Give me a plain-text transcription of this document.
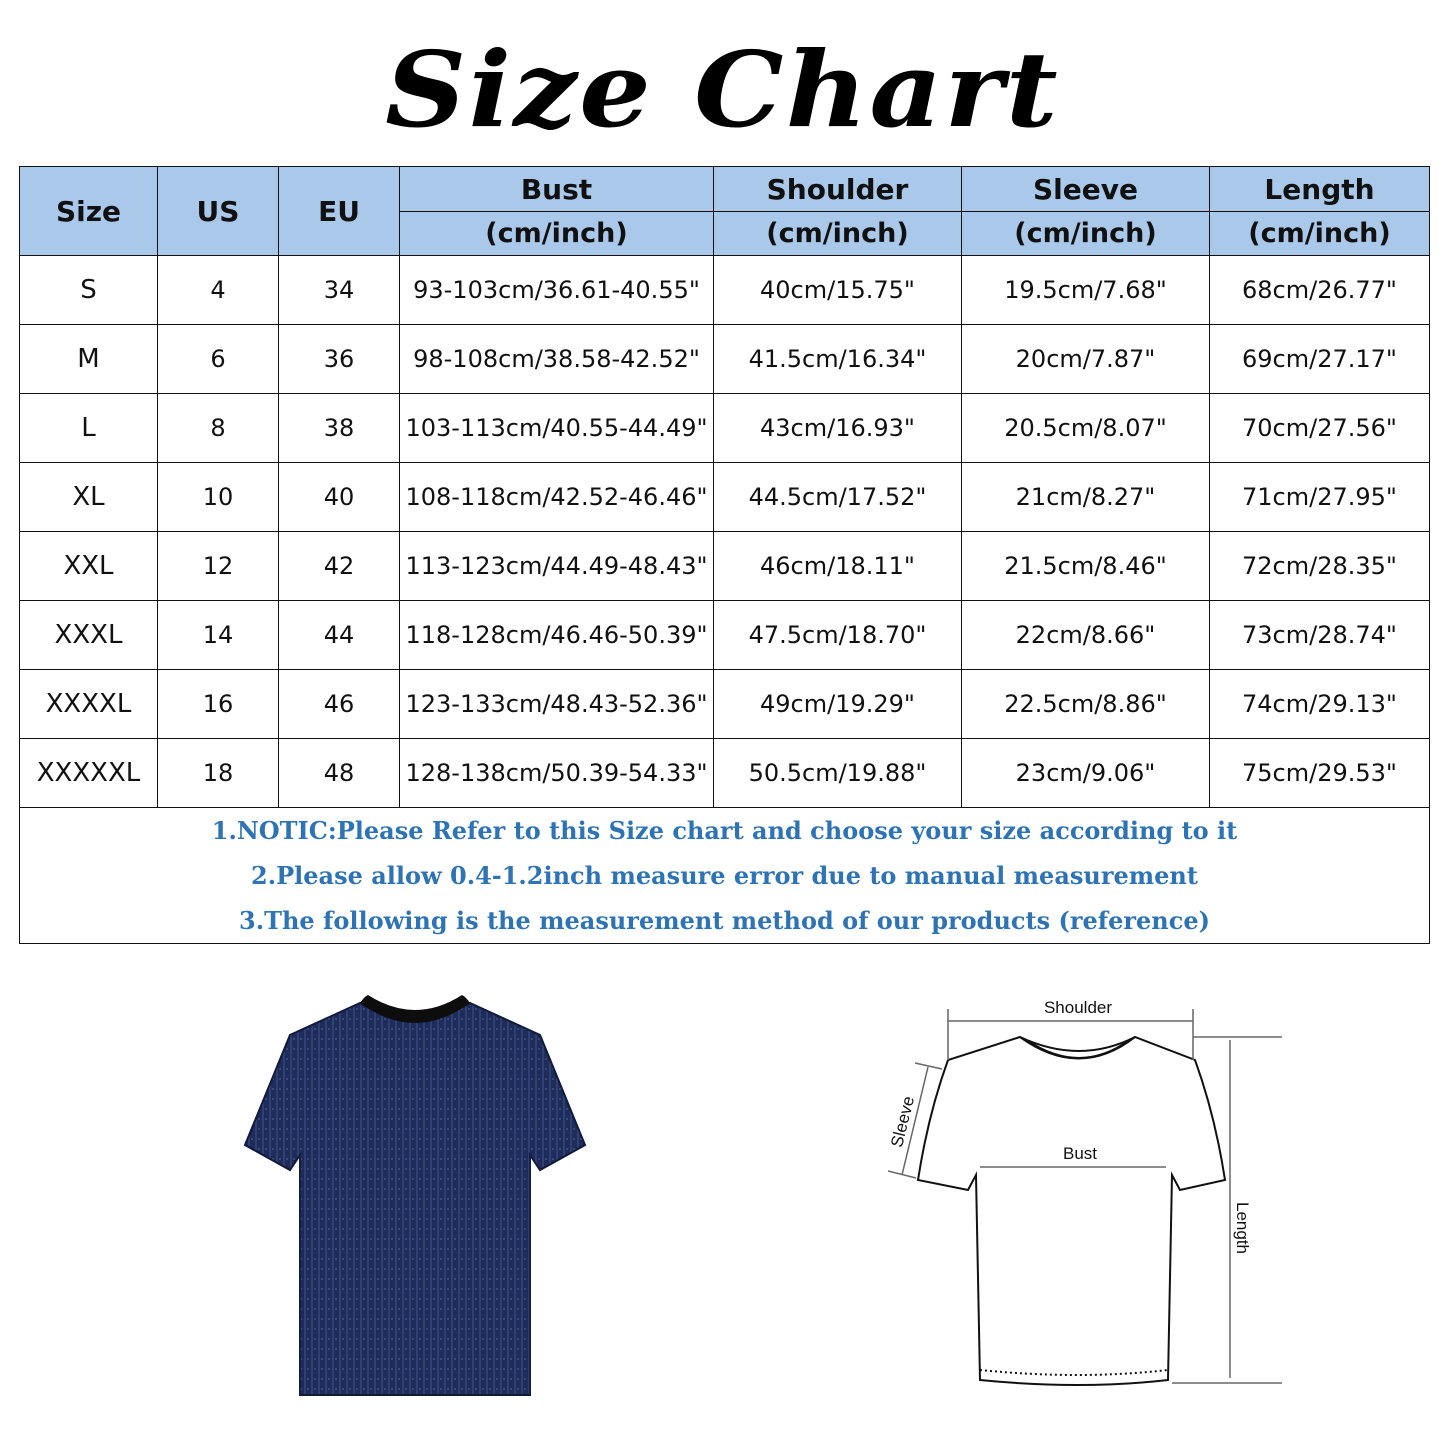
Size Chart
Size	US	EU	Bust	Shoulder	Sleeve	Length
			(cm/inch)	(cm/inch)	(cm/inch)	(cm/inch)
S	4	34	93-103cm/36.61-40.55"	40cm/15.75"	19.5cm/7.68"	68cm/26.77"
M	6	36	98-108cm/38.58-42.52"	41.5cm/16.34"	20cm/7.87"	69cm/27.17"
L	8	38	103-113cm/40.55-44.49"	43cm/16.93"	20.5cm/8.07"	70cm/27.56"
XL	10	40	108-118cm/42.52-46.46"	44.5cm/17.52"	21cm/8.27"	71cm/27.95"
XXL	12	42	113-123cm/44.49-48.43"	46cm/18.11"	21.5cm/8.46"	72cm/28.35"
XXXL	14	44	118-128cm/46.46-50.39"	47.5cm/18.70"	22cm/8.66"	73cm/28.74"
XXXXL	16	46	123-133cm/48.43-52.36"	49cm/19.29"	22.5cm/8.86"	74cm/29.13"
XXXXXL	18	48	128-138cm/50.39-54.33"	50.5cm/19.88"	23cm/9.06"	75cm/29.53"

1.NOTIC:Please Refer to this Size chart and choose your size according to it
2.Please allow 0.4-1.2inch measure error due to manual measurement
3.The following is the measurement method of our products (reference)						
Shoulder
Bust
Sleeve
Length
